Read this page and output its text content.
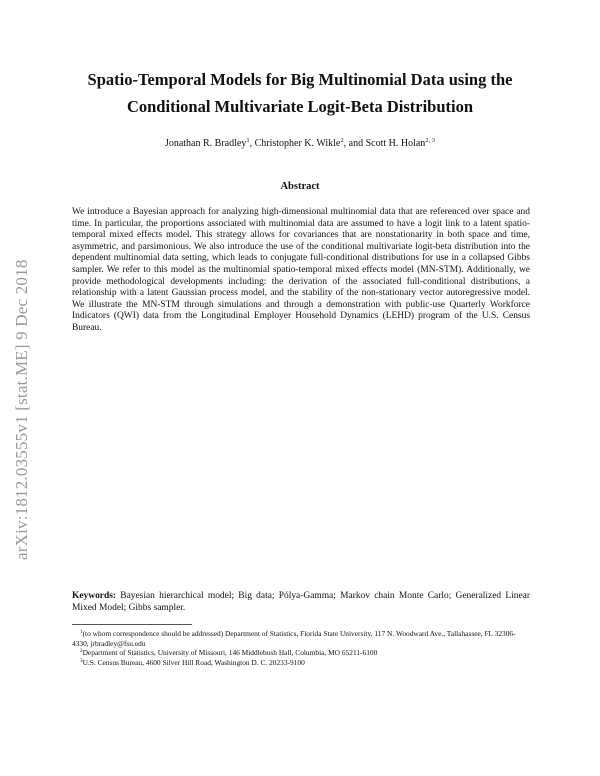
arXiv:1812.03555v1 [stat.ME] 9 Dec 2018
Spatio-Temporal Models for Big Multinomial Data using the
Conditional Multivariate Logit-Beta Distribution
Jonathan R. Bradley$^1$, Christopher K. Wikle$^2$, and Scott H. Holan$^{2, 3}$
Abstract
We introduce a Bayesian approach for analyzing high-dimensional multinomial data that are referenced over space and time. In particular, the proportions associated with multinomial data are assumed to have a logit link to a latent spatio-temporal mixed effects model. This strategy allows for covariances that are nonstationarity in both space and time, asymmetric, and parsimonious. We also introduce the use of the conditional multivariate logit-beta distribution into the dependent multinomial data setting, which leads to conjugate full-conditional distributions for use in a collapsed Gibbs sampler. We refer to this model as the multinomial spatio-temporal mixed effects model (MN-STM). Additionally, we provide methodological developments including: the derivation of the associated full-conditional distributions, a relationship with a latent Gaussian process model, and the stability of the non-stationary vector autoregressive model. We illustrate the MN-STM through simulations and through a demonstration with public-use Quarterly Workforce Indicators (QWI) data from the Longitudinal Employer Household Dynamics (LEHD) program of the U.S. Census Bureau.
Keywords: Bayesian hierarchical model; Big data; Pólya-Gamma; Markov chain Monte Carlo; Generalized Linear Mixed Model; Gibbs sampler.

$^1$(to whom correspondence should be addressed) Department of Statistics, Florida State University, 117 N. Woodward Ave., Tallahassee, FL 32306-4330, jrbradley@fsu.edu

$^2$Department of Statistics, University of Missouri, 146 Middlebush Hall, Columbia, MO 65211-6100

$^3$U.S. Census Bureau, 4600 Silver Hill Road, Washington D. C. 20233-9100
